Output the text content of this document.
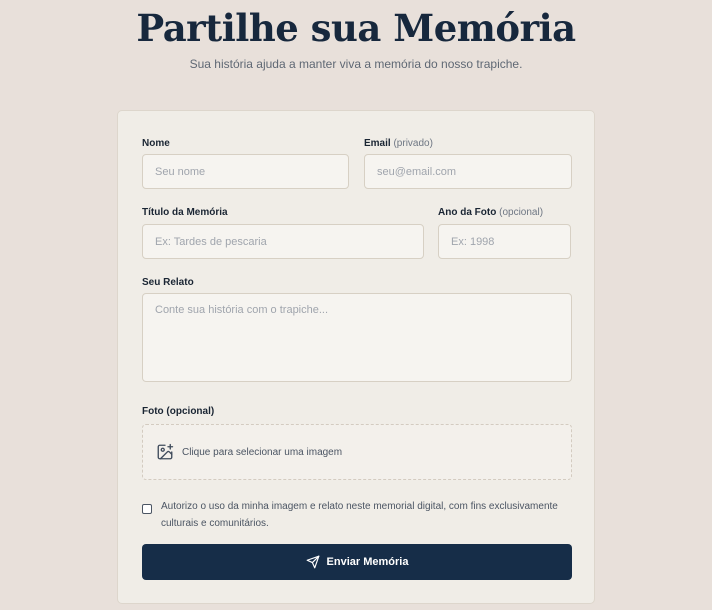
Partilhe sua Memória
Sua história ajuda a manter viva a memória do nosso trapiche.
Nome
Seu nome
Email (privado)
seu@email.com
Título da Memória
Ex: Tardes de pescaria
Ano da Foto (opcional)
Ex: 1998
Seu Relato
Conte sua história com o trapiche...
Foto (opcional)
Clique para selecionar uma imagem
Autorizo o uso da minha imagem e relato neste memorial digital, com fins exclusivamente culturais e comunitários.
Enviar Memória
